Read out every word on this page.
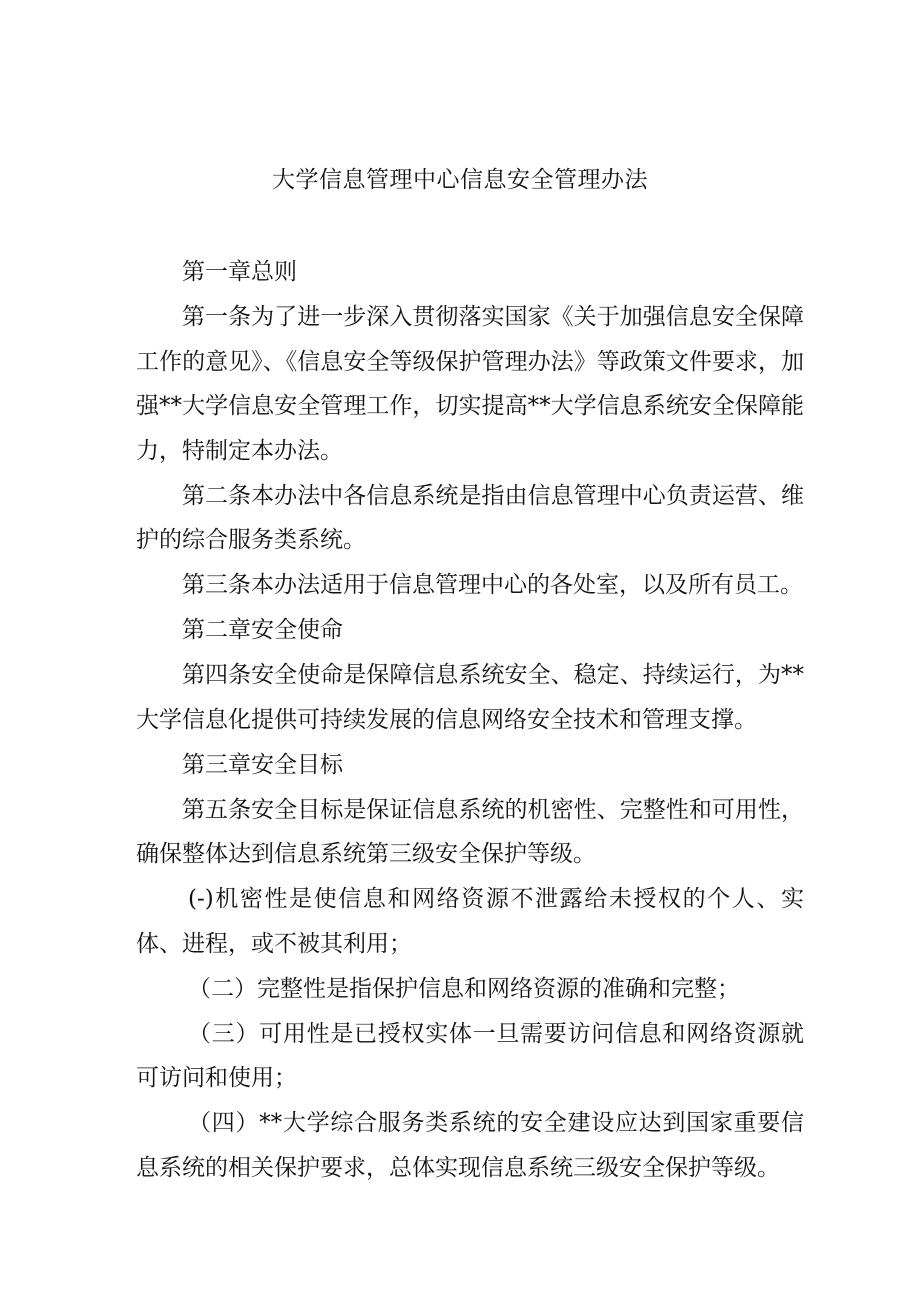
大学信息管理中心信息安全管理办法

第一章总则

第一条为了进一步深入贯彻落实国家《关于加强信息安全保障工作的意见》、《信息安全等级保护管理办法》等政策文件要求，加强**大学信息安全管理工作，切实提高**大学信息系统安全保障能力，特制定本办法。

第二条本办法中各信息系统是指由信息管理中心负责运营、维护的综合服务类系统。

第三条本办法适用于信息管理中心的各处室，以及所有员工。

第二章安全使命

第四条安全使命是保障信息系统安全、稳定、持续运行，为**大学信息化提供可持续发展的信息网络安全技术和管理支撑。

第三章安全目标

第五条安全目标是保证信息系统的机密性、完整性和可用性，确保整体达到信息系统第三级安全保护等级。

(-)机密性是使信息和网络资源不泄露给未授权的个人、实体、进程，或不被其利用；

（二）完整性是指保护信息和网络资源的准确和完整；

（三）可用性是已授权实体一旦需要访问信息和网络资源就可访问和使用；

（四）**大学综合服务类系统的安全建设应达到国家重要信息系统的相关保护要求，总体实现信息系统三级安全保护等级。
